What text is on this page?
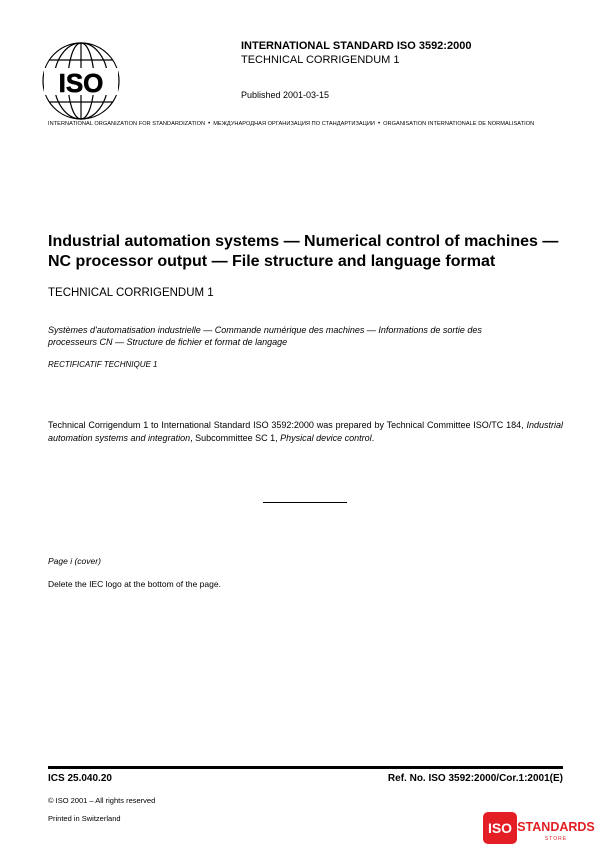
ISO
INTERNATIONAL STANDARD ISO 3592:2000
TECHNICAL CORRIGENDUM 1
Published 2001-03-15
INTERNATIONAL ORGANIZATION FOR STANDARDIZATION • МЕЖДУНАРОДНАЯ ОРГАНИЗАЦИЯ ПО СТАНДАРТИЗАЦИИ • ORGANISATION INTERNATIONALE DE NORMALISATION
Industrial automation systems — Numerical control of machines —
NC processor output — File structure and language format
TECHNICAL CORRIGENDUM 1
Systèmes d'automatisation industrielle — Commande numérique des machines — Informations de sortie des
processeurs CN — Structure de fichier et format de langage
RECTIFICATIF TECHNIQUE 1
Technical Corrigendum 1 to International Standard ISO 3592:2000 was prepared by Technical Committee ISO/TC 184, Industrial automation systems and integration, Subcommittee SC 1, Physical device control.
Page i (cover)
Delete the IEC logo at the bottom of the page.
ICS 25.040.20	Ref. No. ISO 3592:2000/Cor.1:2001(E)
© ISO 2001 – All rights reserved
Printed in Switzerland
ISO STANDARDS
STORE
